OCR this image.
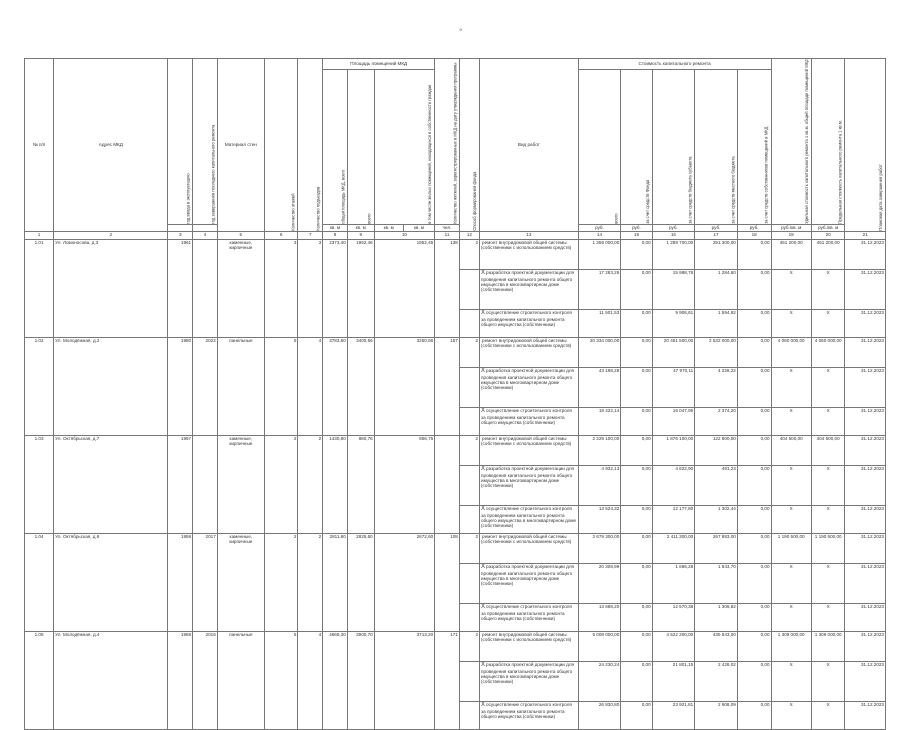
°
№ п/п	Адрес МКД	год ввода в эксплуатацию	год завершения последнего капитального ремонта	Материал стен	Количество этажей	Количество подъездов	Площадь помещений МКД				Количество жителей, зарегистрированных в МКД на дату утверждения программы	Способ формирования фонда	Вид работ	Стоимость капитального ремонта					Удельная стоимость капитального ремонта 1 кв.м. общей площади помещений МКД	Предельная стоимость капитального ремонта 1 кв.м.	Плановая дата завершения работ
							общая площадь МКД, всего	всего	в том числе жилых помещений, находящихся в собственности граждан					всего	за счет средств Фонда	за счет средств бюджета субъекта	за счет средств местного бюджета	за счет средств собственников помещений в МКД			
							кв. м	кв. м	кв. м	кв. м	чел.			руб.	руб.	руб.	руб.	руб.	руб./кв. м	руб./кв. м	
1	2	3	4	5	6	7	8	9	10		11	12	13	14	15	16	17	18	19	20	21
1.01	Ул. Ломоносова, д.3	1961		каменные, кирпичные	3	3	2373,40	1952,46	1952,46		138	2	ремонт внутридомовой общей системы (собственники с использованием средств)	1 359 000,00	0,00	1 289 700,00	251 300,00	0,00	451 200,00	451 200,00	31.12.2023
													Xразработка проектной документации для проведения капитального ремонта общего имущества в многоквартирном доме (собственники)	17 283,26	0,00	15 998,76	1 284,50	0,00	X	X	31.12.2023
													Xосуществление строительного контроля за проведением капитального ремонта общего имущества (собственники)	11 501,53	0,00	9 906,61	1 594,92	0,00	X	X	31.12.2023
1.02	Ул. Молодёжная, д.2	1980	2022	панельные	5	4	3783,80	3400,66	3250,66		157	2	ремонт внутридомовой общей системы (собственники с использованием средств)	20 334 000,00	0,00	20 461 500,00	2 532 000,00	0,00	4 060 000,00	4 060 000,00	31.12.2023
													Xразработка проектной документации для проведения капитального ремонта общего имущества в многоквартирном доме (собственники)	43 198,28	0,00	47 970,11	4 228,22	0,00	X	X	31.12.2023
													Xосуществление строительного контроля за проведением капитального ремонта общего имущества (собственники)	18 422,14	0,00	16 047,95	2 374,20	0,00	X	X	31.12.2023
1.03	Ул. Октябрьская, д.7	1957		каменные, кирпичные	2	2	1430,80	880,76	856,75			2	ремонт внутридомовой общей системы (собственники с использованием средств)	2 229 100,00	0,00	1 876 100,00	122 800,00	0,00	404 500,00	404 500,00	31.12.2023
													Xразработка проектной документации для проведения капитального ремонта общего имущества в многоквартирном доме (собственники)	4 932,13	0,00	4 622,90	481,23	0,00	X	X	31.12.2023
													Xосуществление строительного контроля за проведением капитального ремонта общего имущества в многоквартирном доме (собственники)	13 524,32	0,00	12 177,80	1 302,44	0,00	X	X	31.12.2023
1.04	Ул. Октябрьская, д.9	1959	2017	каменные, кирпичные	2	2	2811,80	2825,60	2672,60		108	2	ремонт внутридомовой общей системы (собственники с использованием средств)	2 679 300,00	0,00	2 411 300,00	267 883,00	0,00	1 190 500,00	1 190 500,00	31.12.2023
													Xразработка проектной документации для проведения капитального ремонта общего имущества в многоквартирном доме (собственники)	20 308,99	0,00	1 666,28	1 843,70	0,00	X	X	31.12.2023
													Xосуществление строительного контроля за проведением капитального ремонта общего имущества (собственники)	13 688,20	0,00	12 570,38	1 306,82	0,00	X	X	31.12.2023
1.05	Ул. Молодёжная, д.4	1969	2016	панельные	5	4	4666,30	3900,70	3713,20		171	2	ремонт внутридомовой общей системы (собственники с использованием средств)	5 008 000,00	0,00	4 522 200,00	435 843,00	0,00	1 309 000,00	1 309 000,00	31.12.2023
													Xразработка проектной документации для проведения капитального ремонта общего имущества в многоквартирном доме (собственники)	24 230,24	0,00	21 801,15	2 428,02	0,00	X	X	31.12.2023
													Xосуществление строительного контроля за проведением капитального ремонта общего имущества (собственники)	26 830,80	0,00	23 921,81	2 908,09	0,00	X	X	31.12.2023
